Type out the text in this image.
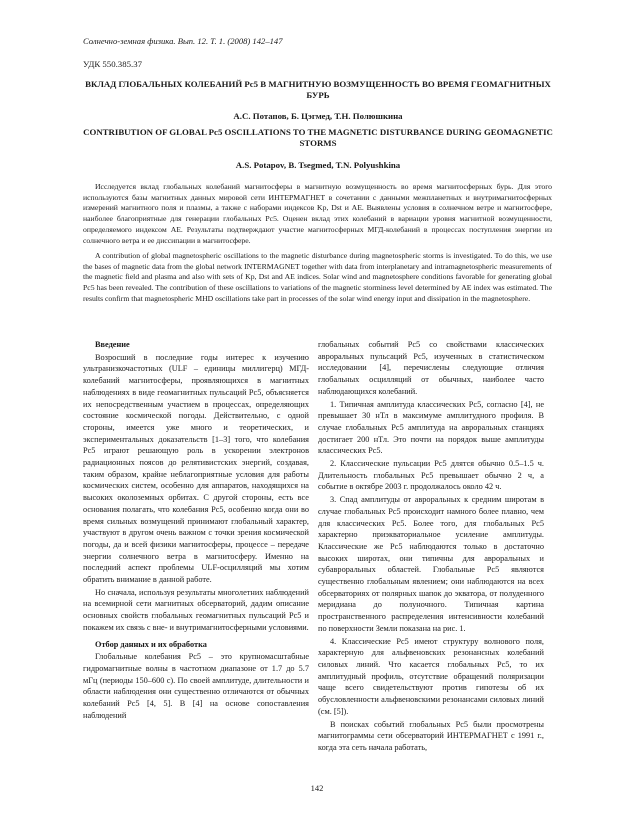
Солнечно-земная физика. Вып. 12. Т. 1. (2008) 142–147
УДК 550.385.37
ВКЛАД ГЛОБАЛЬНЫХ КОЛЕБАНИЙ Pc5 В МАГНИТНУЮ ВОЗМУЩЕННОСТЬ ВО ВРЕМЯ ГЕОМАГНИТНЫХ БУРЬ
А.С. Потапов, Б. Цэгмед, Т.Н. Полюшкина
CONTRIBUTION OF GLOBAL Pc5 OSCILLATIONS TO THE MAGNETIC DISTURBANCE DURING GEOMAGNETIC STORMS
A.S. Potapov, B. Tsegmed, T.N. Polyushkina

Исследуется вклад глобальных колебаний магнитосферы в магнитную возмущенность во время магнитосферных бурь. Для этого используются базы магнитных данных мировой сети ИНТЕРМАГНЕТ в сочетании с данными межпланетных и внутримагнитосферных измерений магнитного поля и плазмы, а также с наборами индексов Kp, Dst и AE. Выявлены условия в солнечном ветре и магнитосфере, наиболее благоприятные для генерации глобальных Pc5. Оценен вклад этих колебаний в вариации уровня магнитной возмущенности, определяемого индексом AE. Результаты подтверждают участие магнитосферных МГД-колебаний в процессах поступления энергии из солнечного ветра и ее диссипации в магнитосфере.

A contribution of global magnetospheric oscillations to the magnetic disturbance during magnetospheric storms is investigated. To do this, we use the bases of magnetic data from the global network INTERMAGNET together with data from interplanetary and intramagnetospheric measurements of the magnetic field and plasma and also with sets of Kp, Dst and AE indices. Solar wind and magnetosphere conditions favorable for generating global Pc5 has been revealed. The contribution of these oscillations to variations of the magnetic storminess level determined by AE index was estimated. The results confirm that magnetospheric MHD oscillations take part in processes of the solar wind energy input and dissipation in the magnetosphere.

Введение

Возросший в последние годы интерес к изучению ультранизкочастотных (ULF – единицы миллигерц) МГД-колебаний магнитосферы, проявляющихся в магнитных наблюдениях в виде геомагнитных пульсаций Pc5, объясняется их непосредственным участием в процессах, определяющих состояние космической погоды. Действительно, с одной стороны, имеется уже много и теоретических, и экспериментальных доказательств [1–3] того, что колебания Pc5 играют решающую роль в ускорении электронов радиационных поясов до релятивистских энергий, создавая, таким образом, крайне неблагоприятные условия для работы космических систем, особенно для аппаратов, находящихся на высоких околоземных орбитах. С другой стороны, есть все основания полагать, что колебания Pc5, особенно когда они во время сильных возмущений принимают глобальный характер, участвуют в другом очень важном с точки зрения космической погоды, да и всей физики магнитосферы, процессе – передаче энергии солнечного ветра в магнитосферу. Именно на последний аспект проблемы ULF-осцилляций мы хотим обратить внимание в данной работе.

Но сначала, используя результаты многолетних наблюдений на всемирной сети магнитных обсерваторий, дадим описание основных свойств глобальных геомагнитных пульсаций Pc5 и покажем их связь с вне- и внутримагнитосферными условиями.

Отбор данных и их обработка

Глобальные колебания Pc5 – это крупномасштабные гидромагнитные волны в частотном диапазоне от 1.7 до 5.7 мГц (периоды 150–600 с). По своей амплитуде, длительности и области наблюдения они существенно отличаются от обычных колебаний Pc5 [4, 5]. В [4] на основе сопоставления наблюдений

глобальных событий Pc5 со свойствами классических авроральных пульсаций Pc5, изученных в статистическом исследовании [4], перечислены следующие отличия глобальных осцилляций от обычных, наиболее часто наблюдающихся колебаний.

1. Типичная амплитуда классических Pc5, согласно [4], не превышает 30 нТл в максимуме амплитудного профиля. В случае глобальных Pc5 амплитуда на авроральных станциях достигает 200 нТл. Это почти на порядок выше амплитуды классических Pc5.

2. Классические пульсации Pc5 длятся обычно 0.5–1.5 ч. Длительность глобальных Pc5 превышает обычно 2 ч, а событие в октябре 2003 г. продолжалось около 42 ч.

3. Спад амплитуды от авроральных к средним широтам в случае глобальных Pc5 происходит намного более плавно, чем для классических Pc5. Более того, для глобальных Pc5 характерно приэкваториальное усиление амплитуды. Классические же Pc5 наблюдаются только в достаточно высоких широтах, они типичны для авроральных и субавроральных областей. Глобальные Pc5 являются существенно глобальным явлением; они наблюдаются на всех обсерваториях от полярных шапок до экватора, от полуденного меридиана до полуночного. Типичная картина пространственного распределения интенсивности колебаний по поверхности Земли показана на рис. 1.

4. Классические Pc5 имеют структуру волнового поля, характерную для альфвеновских резонансных колебаний силовых линий. Что касается глобальных Pc5, то их амплитудный профиль, отсутствие обращений поляризации чаще всего свидетельствуют против гипотезы об их обусловленности альфвеновскими резонансами силовых линий (см. [5]).

В поисках событий глобальных Pc5 были просмотрены магнитограммы сети обсерваторий ИНТЕРМАГНЕТ с 1991 г., когда эта сеть начала работать,

142
